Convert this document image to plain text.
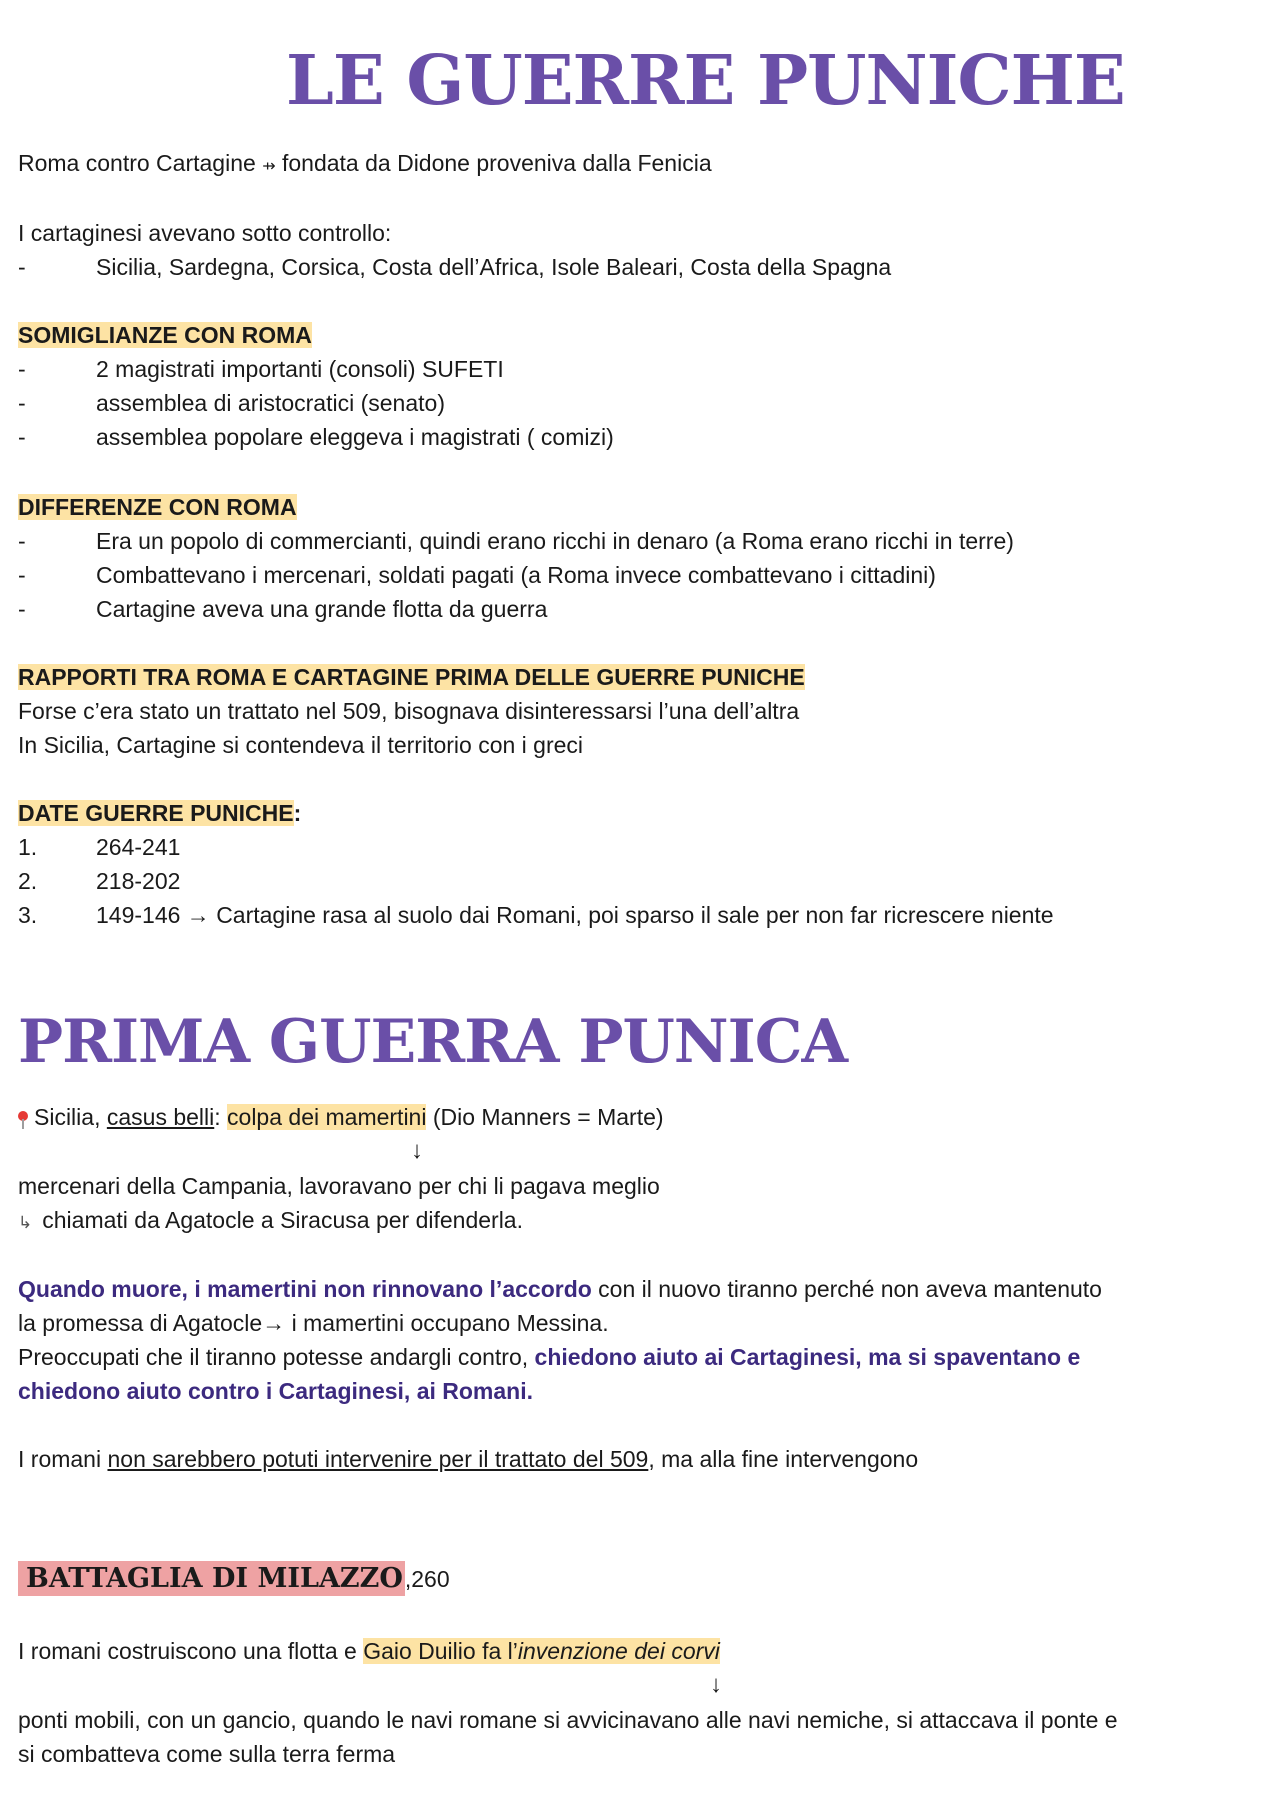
LE GUERRE PUNICHE
Roma contro Cartagine ⇸ fondata da Didone proveniva dalla Fenicia
I cartaginesi avevano sotto controllo:
-	Sicilia, Sardegna, Corsica, Costa dell’Africa, Isole Baleari, Costa della Spagna
SOMIGLIANZE CON ROMA
-	2 magistrati importanti (consoli) SUFETI
-	assemblea di aristocratici (senato)
-	assemblea popolare eleggeva i magistrati ( comizi)
DIFFERENZE CON ROMA
-	Era un popolo di commercianti, quindi erano ricchi in denaro (a Roma erano ricchi in terre)
-	Combattevano i mercenari, soldati pagati (a Roma invece combattevano i cittadini)
-	Cartagine aveva una grande flotta da guerra
RAPPORTI TRA ROMA E CARTAGINE PRIMA DELLE GUERRE PUNICHE
Forse c’era stato un trattato nel 509, bisognava disinteressarsi l’una dell’altra
In Sicilia, Cartagine si contendeva il territorio con i greci
DATE GUERRE PUNICHE:
1.	264-241
2.	218-202
3.	149-146 → Cartagine rasa al suolo dai Romani, poi sparso il sale per non far ricrescere niente
PRIMA GUERRA PUNICA
Sicilia, casus belli: colpa dei mamertini (Dio Manners = Marte)
↓
mercenari della Campania, lavoravano per chi li pagava meglio
↳ chiamati da Agatocle a Siracusa per difenderla.
Quando muore, i mamertini non rinnovano l’accordo con il nuovo tiranno perché non aveva mantenuto
la promessa di Agatocle→ i mamertini occupano Messina.
Preoccupati che il tiranno potesse andargli contro, chiedono aiuto ai Cartaginesi, ma si spaventano e
chiedono aiuto contro i Cartaginesi, ai Romani.
I romani non sarebbero potuti intervenire per il trattato del 509, ma alla fine intervengono
BATTAGLIA DI MILAZZO,260
I romani costruiscono una flotta e Gaio Duilio fa l’invenzione dei corvi
↓
ponti mobili, con un gancio, quando le navi romane si avvicinavano alle navi nemiche, si attaccava il ponte e
si combatteva come sulla terra ferma
